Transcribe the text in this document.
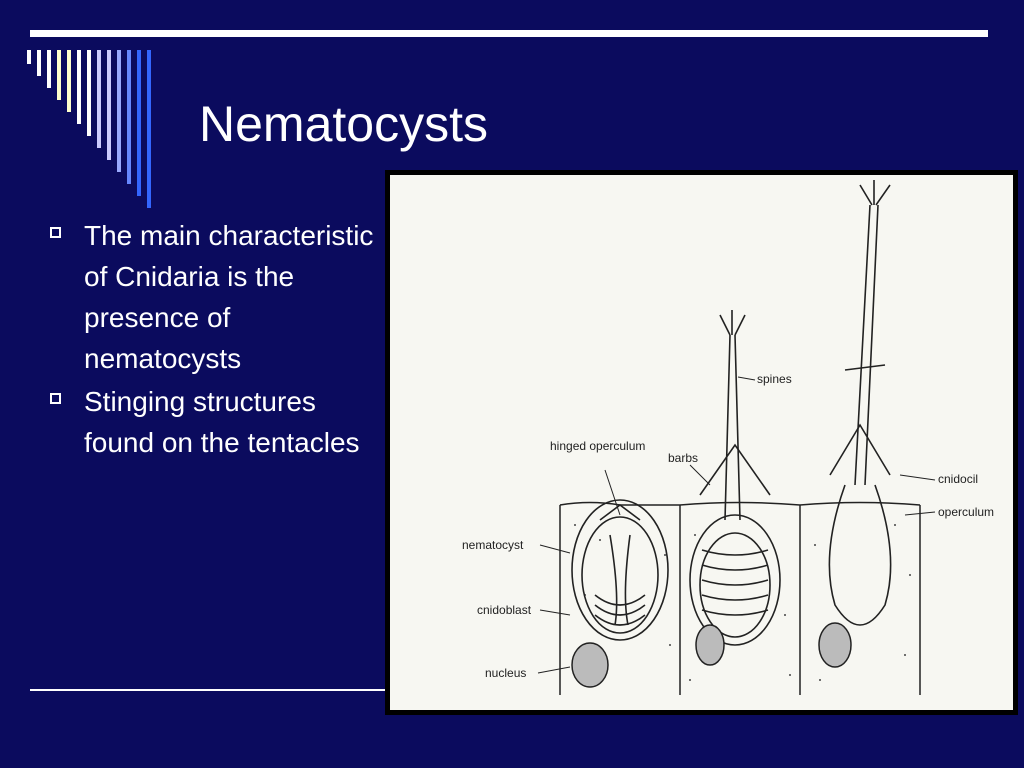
Nematocysts
The main characteristic of Cnidaria is the presence of nematocysts
Stinging structures found on the tentacles
spines
hinged operculum
barbs
cnidocil
operculum
nematocyst
cnidoblast
nucleus
